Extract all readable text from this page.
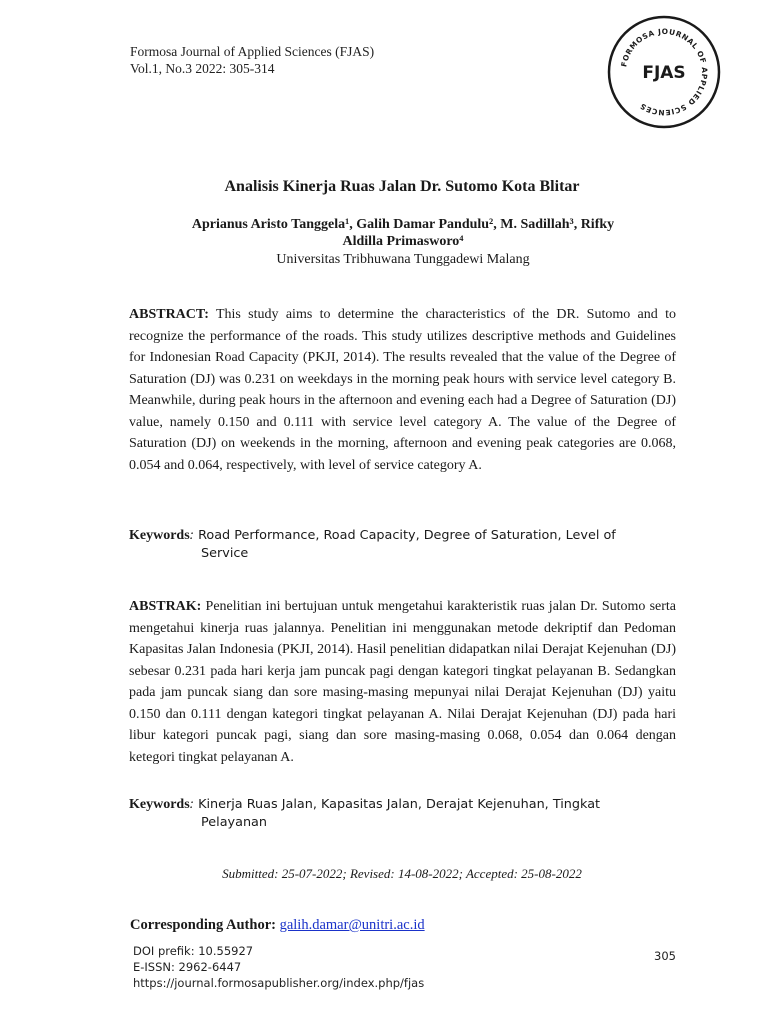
Formosa Journal of Applied Sciences (FJAS)
Vol.1, No.3 2022: 305-314	FORMOSA JOURNAL OF APPLIED SCIENCES
FJAS
Analisis Kinerja Ruas Jalan Dr. Sutomo Kota Blitar
Aprianus Aristo Tanggela¹, Galih Damar Pandulu², M. Sadillah³, Rifky
Aldilla Primasworo⁴
Universitas Tribhuwana Tunggadewi Malang
ABSTRACT: This study aims to determine the characteristics of the DR. Sutomo and to recognize the performance of the roads. This study utilizes descriptive methods and Guidelines for Indonesian Road Capacity (PKJI, 2014). The results revealed that the value of the Degree of Saturation (DJ) was 0.231 on weekdays in the morning peak hours with service level category B. Meanwhile, during peak hours in the afternoon and evening each had a Degree of Saturation (DJ) value, namely 0.150 and 0.111 with service level category A. The value of the Degree of Saturation (DJ) on weekends in the morning, afternoon and evening peak categories are 0.068, 0.054 and 0.064, respectively, with level of service category A.
Keywords: Road Performance, Road Capacity, Degree of Saturation, Level of
Service
ABSTRAK: Penelitian ini bertujuan untuk mengetahui karakteristik ruas jalan Dr. Sutomo serta mengetahui kinerja ruas jalannya. Penelitian ini menggunakan metode dekriptif dan Pedoman Kapasitas Jalan Indonesia (PKJI, 2014). Hasil penelitian didapatkan nilai Derajat Kejenuhan (DJ) sebesar 0.231 pada hari kerja jam puncak pagi dengan kategori tingkat pelayanan B. Sedangkan pada jam puncak siang dan sore masing-masing mepunyai nilai Derajat Kejenuhan (DJ) yaitu 0.150 dan 0.111 dengan kategori tingkat pelayanan A. Nilai Derajat Kejenuhan (DJ) pada hari libur kategori puncak pagi, siang dan sore masing-masing 0.068, 0.054 dan 0.064 dengan ketegori tingkat pelayanan A.
Keywords: Kinerja Ruas Jalan, Kapasitas Jalan, Derajat Kejenuhan, Tingkat
Pelayanan
Submitted: 25-07-2022; Revised: 14-08-2022; Accepted: 25-08-2022
Corresponding Author: galih.damar@unitri.ac.id
DOI prefik: 10.55927
E-ISSN: 2962-6447
https://journal.formosapublisher.org/index.php/fjas
305
